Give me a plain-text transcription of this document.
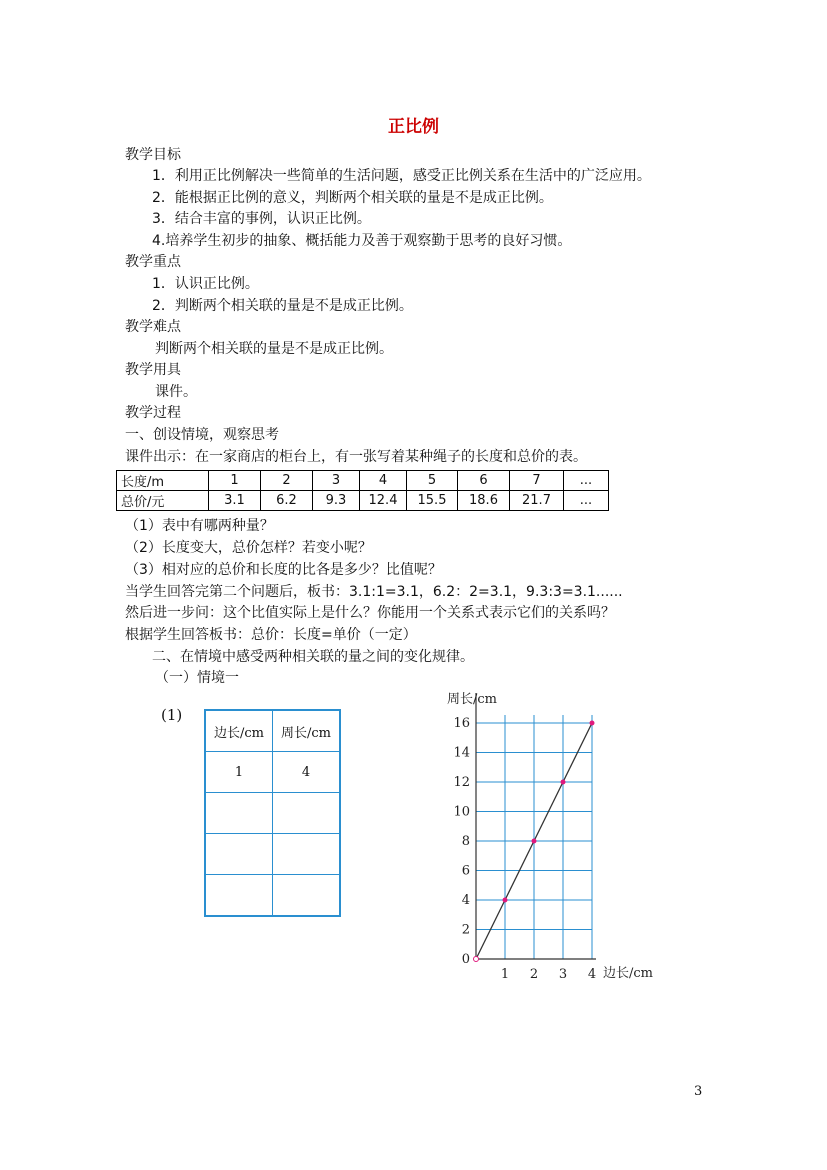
正比例
教学目标
1．利用正比例解决一些简单的生活问题，感受正比例关系在生活中的广泛应用。
2．能根据正比例的意义，判断两个相关联的量是不是成正比例。
3．结合丰富的事例，认识正比例。
4.培养学生初步的抽象、概括能力及善于观察勤于思考的良好习惯。
教学重点
1．认识正比例。
2．判断两个相关联的量是不是成正比例。
教学难点
判断两个相关联的量是不是成正比例。
教学用具
课件。
教学过程
一、创设情境，观察思考
课件出示：在一家商店的柜台上，有一张写着某种绳子的长度和总价的表。
长度/m	1	2	3	4	5	6	7	...
总价/元	3.1	6.2	9.3	12.4	15.5	18.6	21.7	...
（1）表中有哪两种量？
（2）长度变大，总价怎样？若变小呢？
（3）相对应的总价和长度的比各是多少？比值呢？
当学生回答完第二个问题后，板书：3.1:1=3.1，6.2：2=3.1，9.3:3=3.1......
然后进一步问：这个比值实际上是什么？你能用一个关系式表示它们的关系吗？
根据学生回答板书：总价：长度=单价（一定）
二、在情境中感受两种相关联的量之间的变化规律。
（一）情境一
(1)
边长/cm	周长/cm
1	4

0
2
4
6
8
10
12
14
16
1 2 3 4
周长/cm
边长/cm
3
